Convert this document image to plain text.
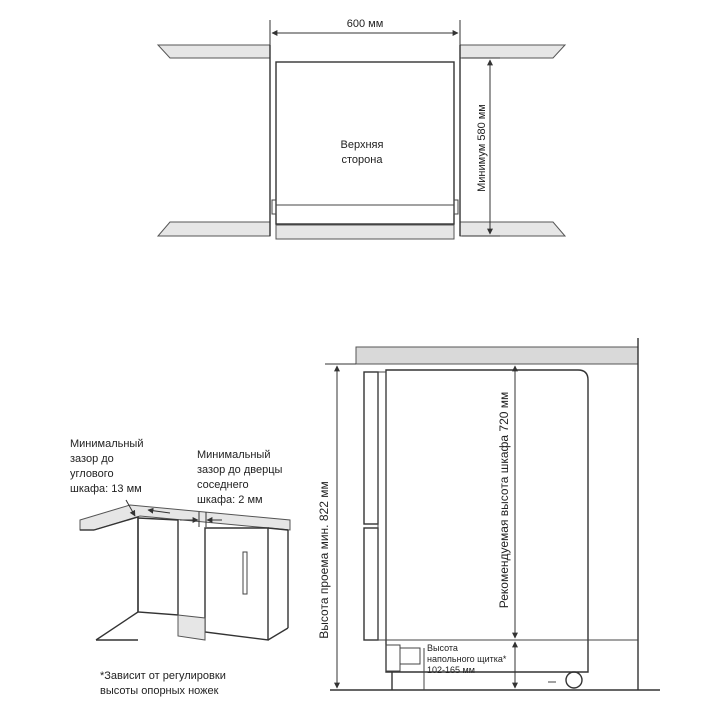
600 мм
Минимум 580 мм
Верхняя
сторона
Высота проема мин. 822 мм	Рекомендуемая высота шкафа 720 мм
Высота
напольного щитка*
102-165 мм
Минимальный
зазор до
углового
шкафа: 13 мм
Минимальный
зазор до дверцы
соседнего
шкафа: 2 мм
*Зависит от регулировки
высоты опорных ножек
